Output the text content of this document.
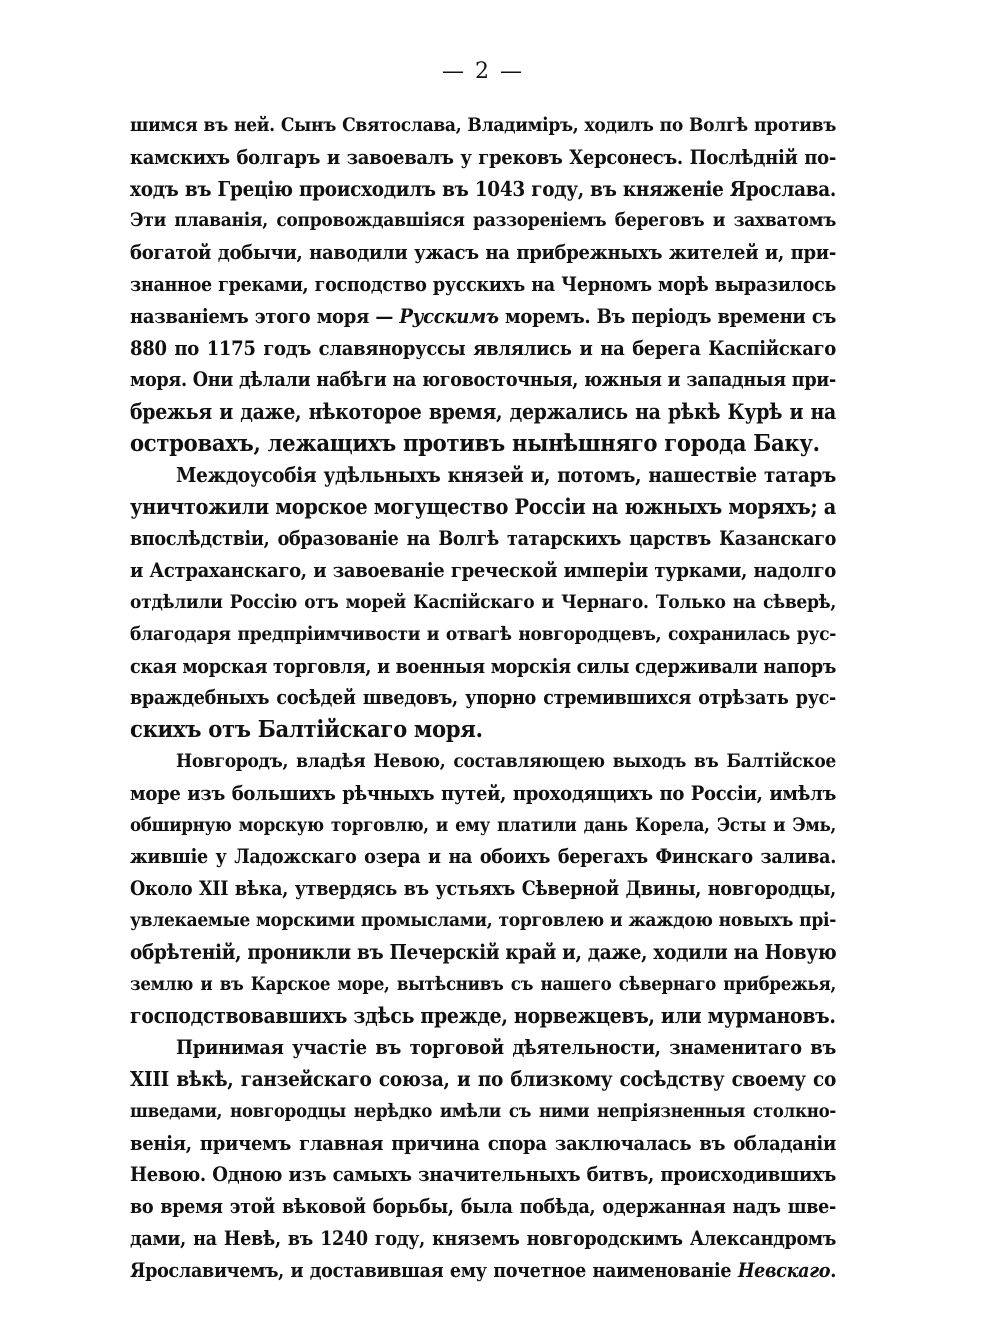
— 2 —
шимся въ ней. Сынъ Святослава, Владиміръ, ходилъ по Волгѣ противъ
камскихъ болгаръ и завоевалъ у грековъ Херсонесъ. Послѣдній по-
ходъ въ Грецію происходилъ въ 1043 году, въ княженіе Ярослава.
Эти плаванія, сопровождавшіяся раззореніемъ береговъ и захватомъ
богатой добычи, наводили ужасъ на прибрежныхъ жителей и, при-
знанное греками, господство русскихъ на Черномъ морѣ выразилось
названіемъ этого моря — Русскимъ моремъ. Въ періодъ времени съ
880 по 1175 годъ славянорусcы являлись и на берега Каспійскаго
моря. Они дѣлали набѣги на юговосточныя, южныя и западныя при-
брежья и даже, нѣкоторое время, держались на рѣкѣ Курѣ и на
островахъ, лежащихъ противъ нынѣшняго города Баку.
Междоусобія удѣльныхъ князей и, потомъ, нашествіе татаръ
уничтожили морское могущество Россіи на южныхъ моряхъ; а
впослѣдствіи, образованіе на Волгѣ татарскихъ царствъ Казанскаго
и Астраханскаго, и завоеваніе греческой имперіи турками, надолго
отдѣлили Россію отъ морей Каспійскаго и Чернаго. Только на сѣверѣ,
благодаря предпріимчивости и отвагѣ новгородцевъ, сохранилась рус-
ская морская торговля, и военныя морскія силы сдерживали напоръ
враждебныхъ сосѣдей шведовъ, упорно стремившихся отрѣзать рус-
скихъ отъ Балтійскаго моря.
Новгородъ, владѣя Невою, составляющею выходъ въ Балтійское
море изъ большихъ рѣчныхъ путей, проходящихъ по Россіи, имѣлъ
обширную морскую торговлю, и ему платили дань Корела, Эсты и Эмь,
жившіе у Ладожскаго озера и на обоихъ берегахъ Финскаго залива.
Около XII вѣка, утвердясь въ устьяхъ Сѣверной Двины, новгородцы,
увлекаемые морскими промыслами, торговлею и жаждою новыхъ прі-
обрѣтеній, проникли въ Печерскій край и, даже, ходили на Новую
землю и въ Карское море, вытѣснивъ съ нашего сѣвернаго прибрежья,
господствовавшихъ здѣсь прежде, норвежцевъ, или мурмановъ.
Принимая участіе въ торговой дѣятельности, знаменитаго въ
XIII вѣкѣ, ганзейскаго союза, и по близкому сосѣдству своему со
шведами, новгородцы нерѣдко имѣли съ ними непріязненныя столкно-
венія, причемъ главная причина спора заключалась въ обладаніи
Невою. Одною изъ самыхъ значительныхъ битвъ, происходившихъ
во время этой вѣковой борьбы, была побѣда, одержанная надъ шве-
дами, на Невѣ, въ 1240 году, княземъ новгородскимъ Александромъ
Ярославичемъ, и доставившая ему почетное наименованіе Невскаго.
